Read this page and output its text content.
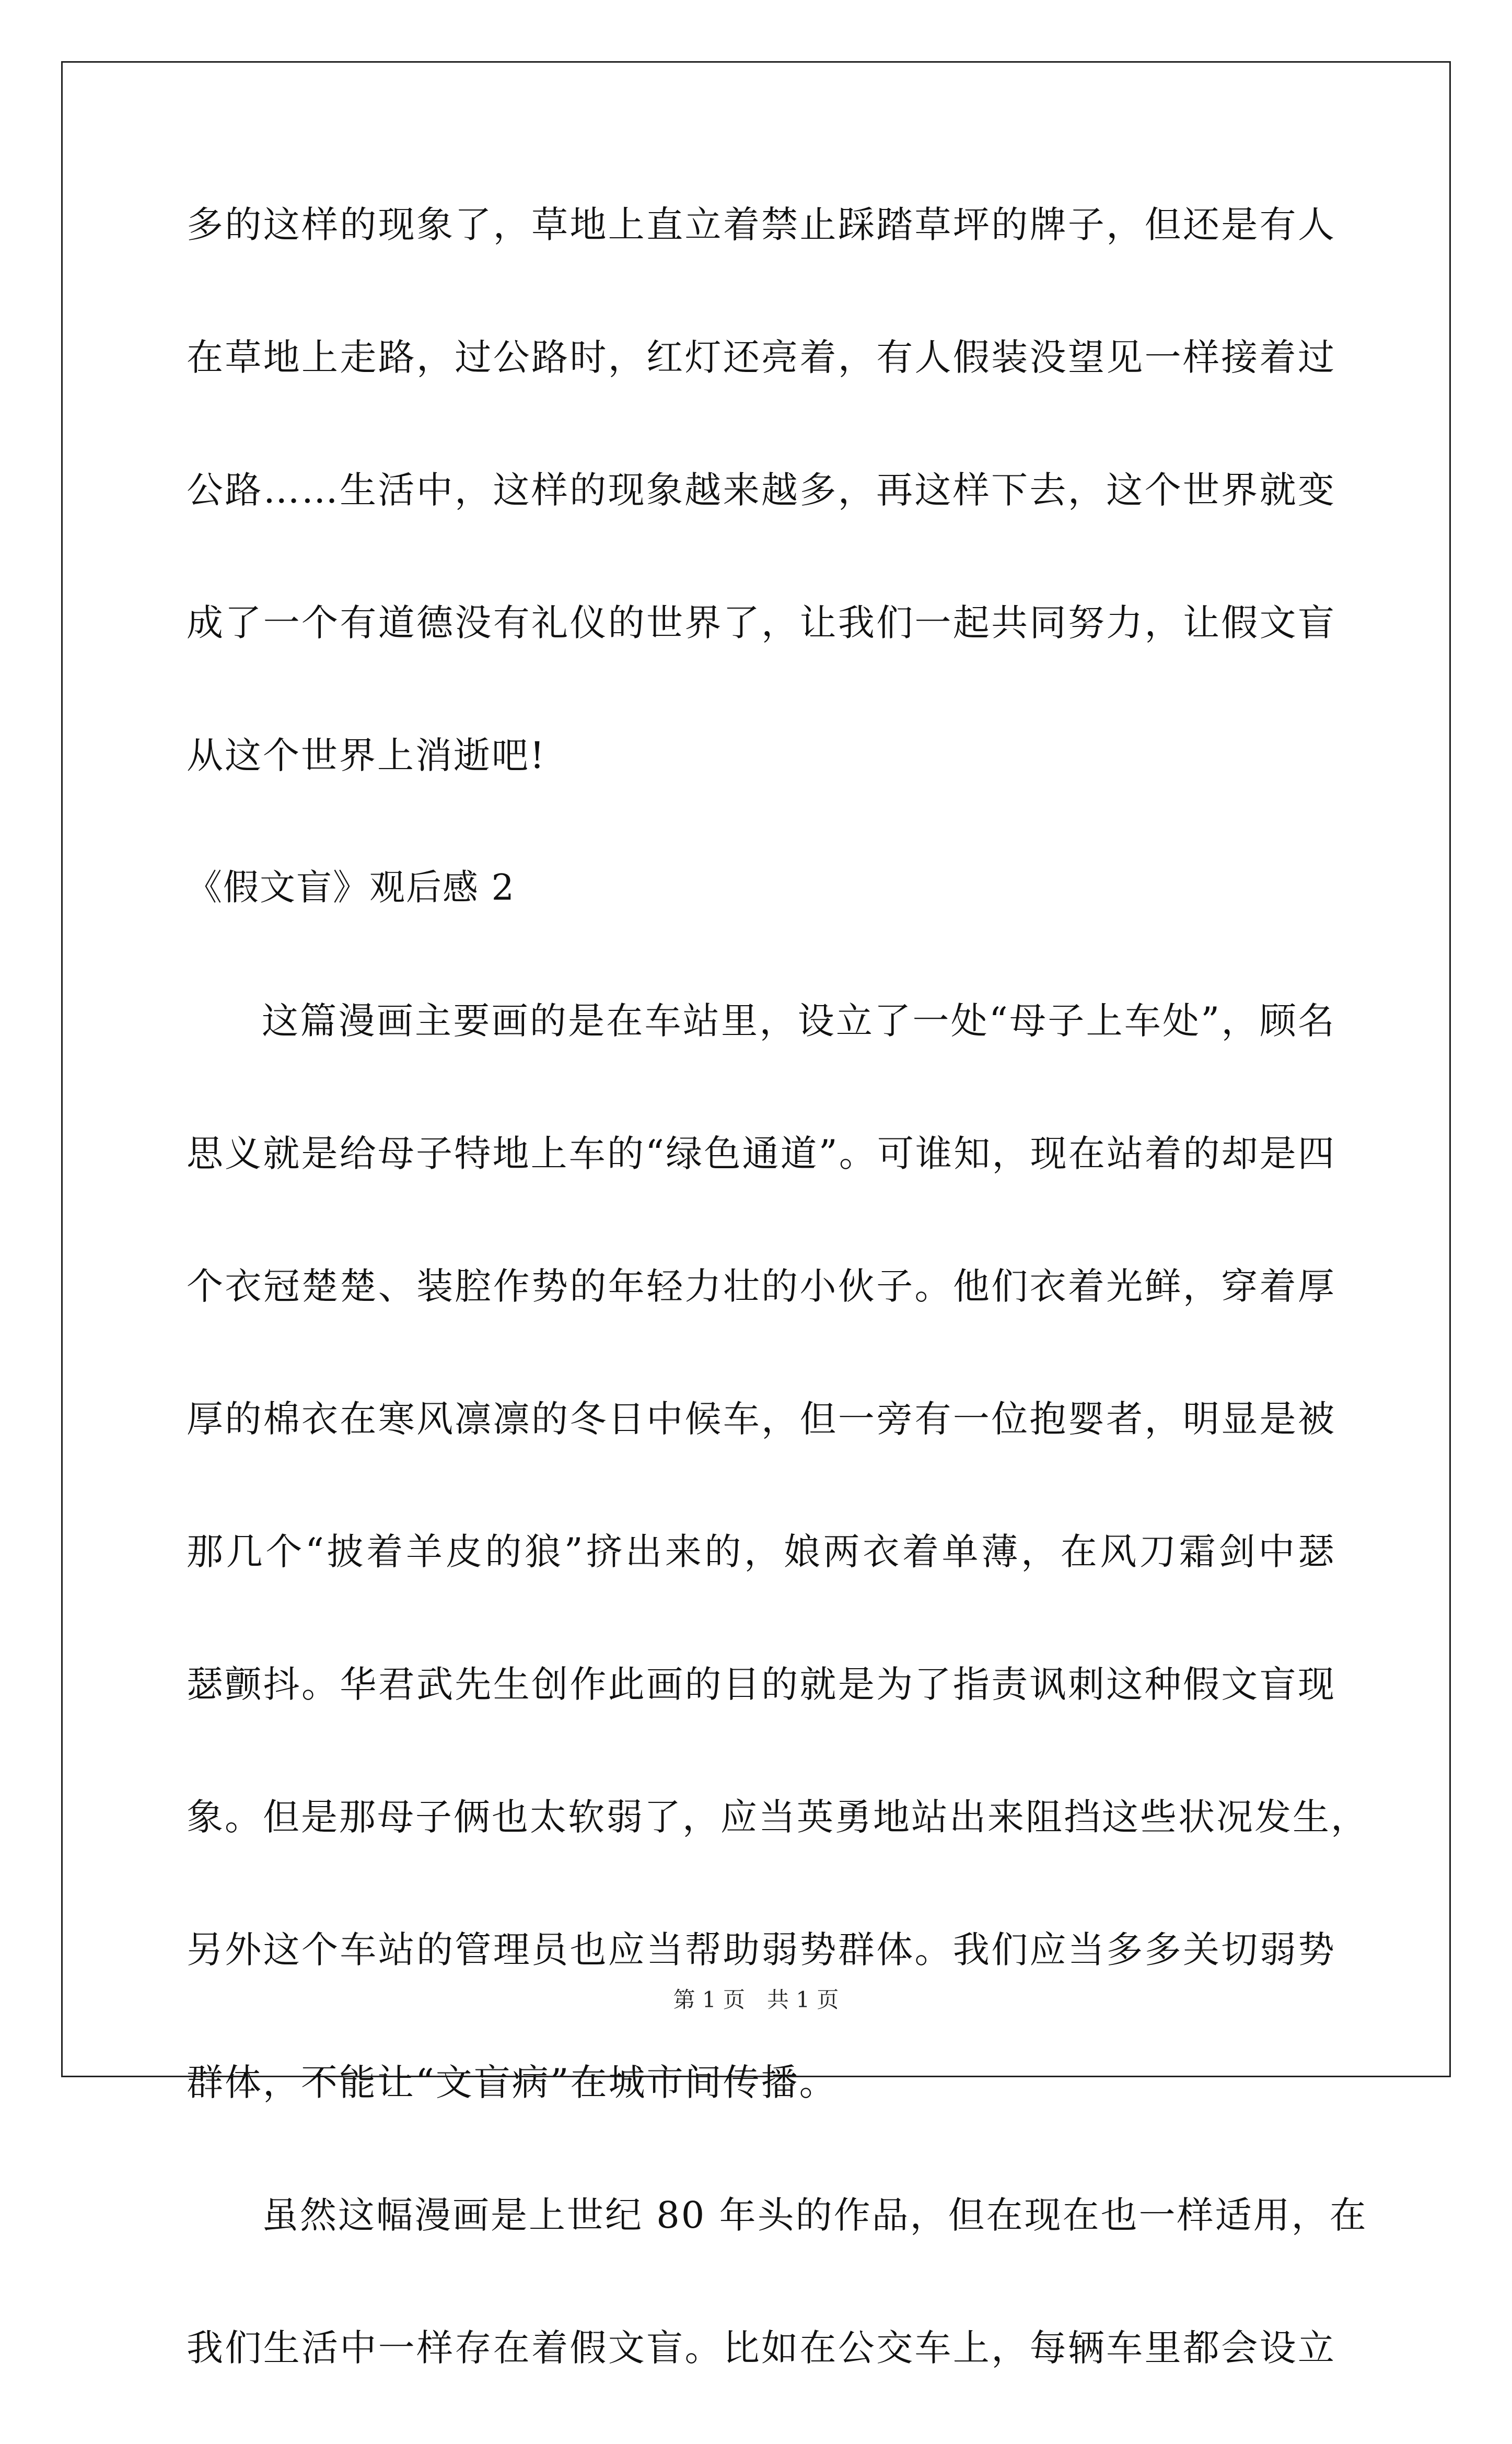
多的这样的现象了，草地上直立着禁止踩踏草坪的牌子，但还是有人
在草地上走路，过公路时，红灯还亮着，有人假装没望见一样接着过
公路……生活中，这样的现象越来越多，再这样下去，这个世界就变
成了一个有道德没有礼仪的世界了，让我们一起共同努力，让假文盲
从这个世界上消逝吧!
《假文盲》观后感 2
这篇漫画主要画的是在车站里，设立了一处“母子上车处”，顾名
思义就是给母子特地上车的“绿色通道”。可谁知，现在站着的却是四
个衣冠楚楚、装腔作势的年轻力壮的小伙子。他们衣着光鲜，穿着厚
厚的棉衣在寒风凛凛的冬日中候车，但一旁有一位抱婴者，明显是被
那几个“披着羊皮的狼”挤出来的，娘两衣着单薄，在风刀霜剑中瑟
瑟颤抖。华君武先生创作此画的目的就是为了指责讽刺这种假文盲现
象。但是那母子俩也太软弱了，应当英勇地站出来阻挡这些状况发生，
另外这个车站的管理员也应当帮助弱势群体。我们应当多多关切弱势
群体，不能让“文盲病”在城市间传播。
虽然这幅漫画是上世纪 80 年头的作品，但在现在也一样适用，在
我们生活中一样存在着假文盲。比如在公交车上，每辆车里都会设立
第 1 页　共 1 页
